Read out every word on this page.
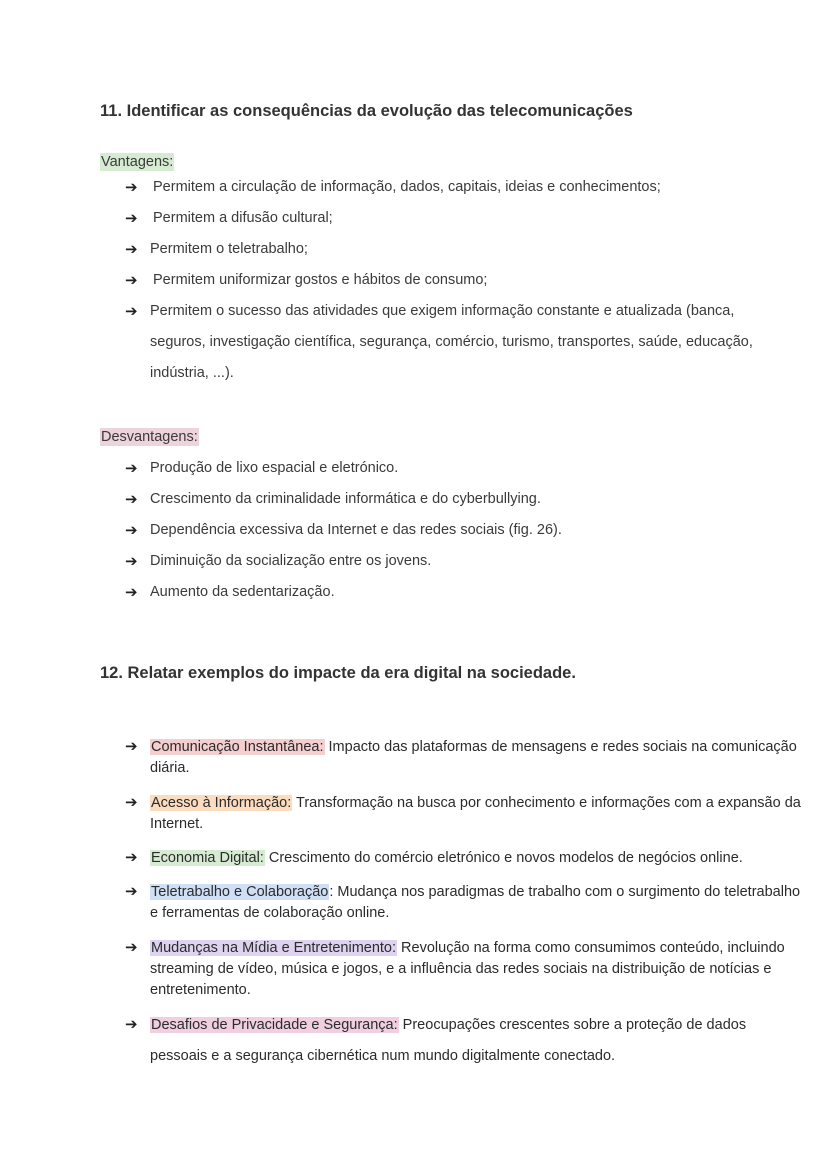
11. Identificar as consequências da evolução das telecomunicações
Vantagens:
➔ Permitem a circulação de informação, dados, capitais, ideias e conhecimentos;
➔ Permitem a difusão cultural;
➔ Permitem o teletrabalho;
➔ Permitem uniformizar gostos e hábitos de consumo;
➔ Permitem o sucesso das atividades que exigem informação constante e atualizada (banca, seguros, investigação científica, segurança, comércio, turismo, transportes, saúde, educação, indústria, ...).
Desvantagens:
➔ Produção de lixo espacial e eletrónico.
➔ Crescimento da criminalidade informática e do cyberbullying.
➔ Dependência excessiva da Internet e das redes sociais (fig. 26).
➔ Diminuição da socialização entre os jovens.
➔ Aumento da sedentarização.
12. Relatar exemplos do impacte da era digital na sociedade.
➔ Comunicação Instantânea: Impacto das plataformas de mensagens e redes sociais na comunicação diária.
➔ Acesso à Informação: Transformação na busca por conhecimento e informações com a expansão da Internet.
➔ Economia Digital: Crescimento do comércio eletrónico e novos modelos de negócios online.
➔ Teletrabalho e Colaboração: Mudança nos paradigmas de trabalho com o surgimento do teletrabalho e ferramentas de colaboração online.
➔ Mudanças na Mídia e Entretenimento: Revolução na forma como consumimos conteúdo, incluindo streaming de vídeo, música e jogos, e a influência das redes sociais na distribuição de notícias e entretenimento.
➔ Desafios de Privacidade e Segurança: Preocupações crescentes sobre a proteção de dados pessoais e a segurança cibernética num mundo digitalmente conectado.
